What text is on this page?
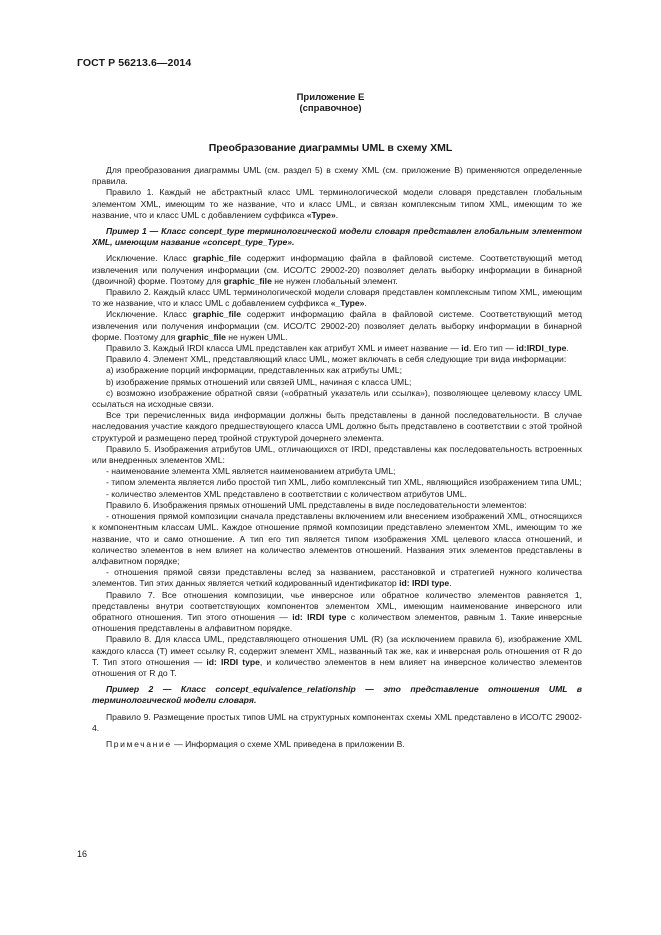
ГОСТ Р 56213.6—2014
Приложение Е
(справочное)
Преобразование диаграммы UML в схему XML

Для преобразования диаграммы UML (см. раздел 5) в схему XML (см. приложение В) применяются определенные правила.

Правило 1. Каждый не абстрактный класс UML терминологической модели словаря представлен глобальным элементом XML, имеющим то же название, что и класс UML, и связан комплексным типом XML, имеющим то же название, что и класс UML с добавлением суффикса «Type».

Пример 1 — Класс concept_type терминологической модели словаря представлен глобальным элементом XML, имеющим название «concept_type_Type».

Исключение. Класс graphic_file содержит информацию файла в файловой системе. Соответствующий метод извлечения или получения информации (см. ИСО/ТС 29002-20) позволяет делать выборку информации в бинарной (двоичной) форме. Поэтому для graphic_file не нужен глобальный элемент.

Правило 2. Каждый класс UML терминологической модели словаря представлен комплексным типом XML, имеющим то же название, что и класс UML с добавлением суффикса «_Type».

Исключение. Класс graphic_file содержит информацию файла в файловой системе. Соответствующий метод извлечения или получения информации (см. ИСО/ТС 29002-20) позволяет делать выборку информации в бинарной форме. Поэтому для graphic_file не нужен UML.

Правило 3. Каждый IRDI класса UML представлен как атрибут XML и имеет название — id. Его тип — id:IRDI_type.

Правило 4. Элемент XML, представляющий класс UML, может включать в себя следующие три вида информации:

a) изображение порций информации, представленных как атрибуты UML;

b) изображение прямых отношений или связей UML, начиная с класса UML;

c) возможно изображение обратной связи («обратный указатель или ссылка»), позволяющее целевому классу UML ссылаться на исходные связи.

Все три перечисленных вида информации должны быть представлены в данной последовательности. В случае наследования участие каждого предшествующего класса UML должно быть представлено в соответствии с этой тройной структурой и размещено перед тройной структурой дочернего элемента.

Правило 5. Изображения атрибутов UML, отличающихся от IRDI, представлены как последовательность встроенных или внедренных элементов XML:

- наименование элемента XML является наименованием атрибута UML;

- типом элемента является либо простой тип XML, либо комплексный тип XML, являющийся изображением типа UML;

- количество элементов XML представлено в соответствии с количеством атрибутов UML.

Правило 6. Изображения прямых отношений UML представлены в виде последовательности элементов:

- отношения прямой композиции сначала представлены включением или внесением изображений XML, относящихся к компонентным классам UML. Каждое отношение прямой композиции представлено элементом XML, имеющим то же название, что и само отношение. А тип его тип является типом изображения XML целевого класса отношений, и количество элементов в нем влияет на количество элементов отношений. Названия этих элементов представлены в алфавитном порядке;

- отношения прямой связи представлены вслед за названием, расстановкой и стратегией нужного количества элементов. Тип этих данных является четкий кодированный идентификатор id: IRDI type.

Правило 7. Все отношения композиции, чье инверсное или обратное количество элементов равняется 1, представлены внутри соответствующих компонентов элементом XML, имеющим наименование инверсного или обратного отношения. Тип этого отношения — id: IRDI type с количеством элементов, равным 1. Такие инверсные отношения представлены в алфавитном порядке.

Правило 8. Для класса UML, представляющего отношения UML (R) (за исключением правила 6), изображение XML каждого класса (T) имеет ссылку R, содержит элемент XML, названный так же, как и инверсная роль отношения от R до T. Тип этого отношения — id: IRDI type, и количество элементов в нем влияет на инверсное количество элементов отношения от R до T.

Пример 2 — Класс concept_equivalence_relationship — это представление отношения UML в терминологической модели словаря.

Правило 9. Размещение простых типов UML на структурных компонентах схемы XML представлено в ИСО/ТС 29002-4.

Примечание — Информация о схеме XML приведена в приложении В.

16
